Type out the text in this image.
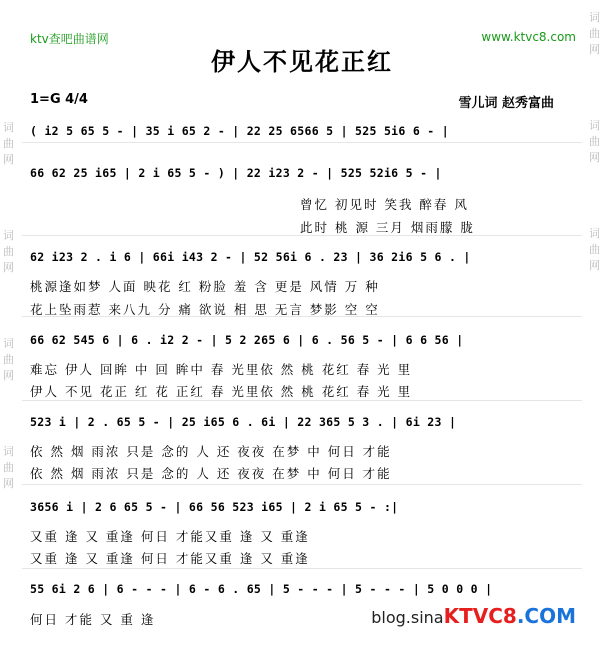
ktv查吧曲谱网	www.ktvc8.com
伊人不见花正红
1=G 4/4	雪儿词 赵秀富曲
词
曲
网
词
曲
网
词
曲
网
词
曲
网
词
曲
网
词
曲
网
词
曲
网
( i2 5 65 5 - | 35 i 65 2 - | 22 25 6566 5 | 525 5i6 6 - |
66 62 25 i65 | 2 i 65 5 - ) | 22 i23 2 - | 525 52i6 5 - |
曾忆 初见时 笑我 醉春 风
此时 桃 源 三月 烟雨朦 胧
62 i23 2 . i 6 | 66i i43 2 - | 52 56i 6 . 23 | 36 2i6 5 6 . |
桃源逢如梦 人面 映花 红 粉脸 羞 含 更是 风情 万 种
花上坠雨惹 来八九 分 痛 欲说 相 思 无言 梦影 空 空
66 62 545 6 | 6 . i2 2 - | 5 2 265 6 | 6 . 56 5 - | 6 6 56 |
难忘 伊人 回眸 中 回 眸中 春 光里依 然 桃 花红 春 光 里
伊人 不见 花正 红 花 正红 春 光里依 然 桃 花红 春 光 里
523 i | 2 . 65 5 - | 25 i65 6 . 6i | 22 365 5 3 . | 6i 23 |
依 然 烟 雨浓 只是 念的 人 还 夜夜 在梦 中 何日 才能
依 然 烟 雨浓 只是 念的 人 还 夜夜 在梦 中 何日 才能
3656 i | 2 6 65 5 - | 66 56 523 i65 | 2 i 65 5 - :|
又重 逢 又 重逢 何日 才能又重 逢 又 重逢
又重 逢 又 重逢 何日 才能又重 逢 又 重逢
55 6i 2 6 | 6 - - - | 6 - 6 . 65 | 5 - - - | 5 - - - | 5 0 0 0 |
何日 才能 又 重 逢	blog.sinaKTVC8.COM
